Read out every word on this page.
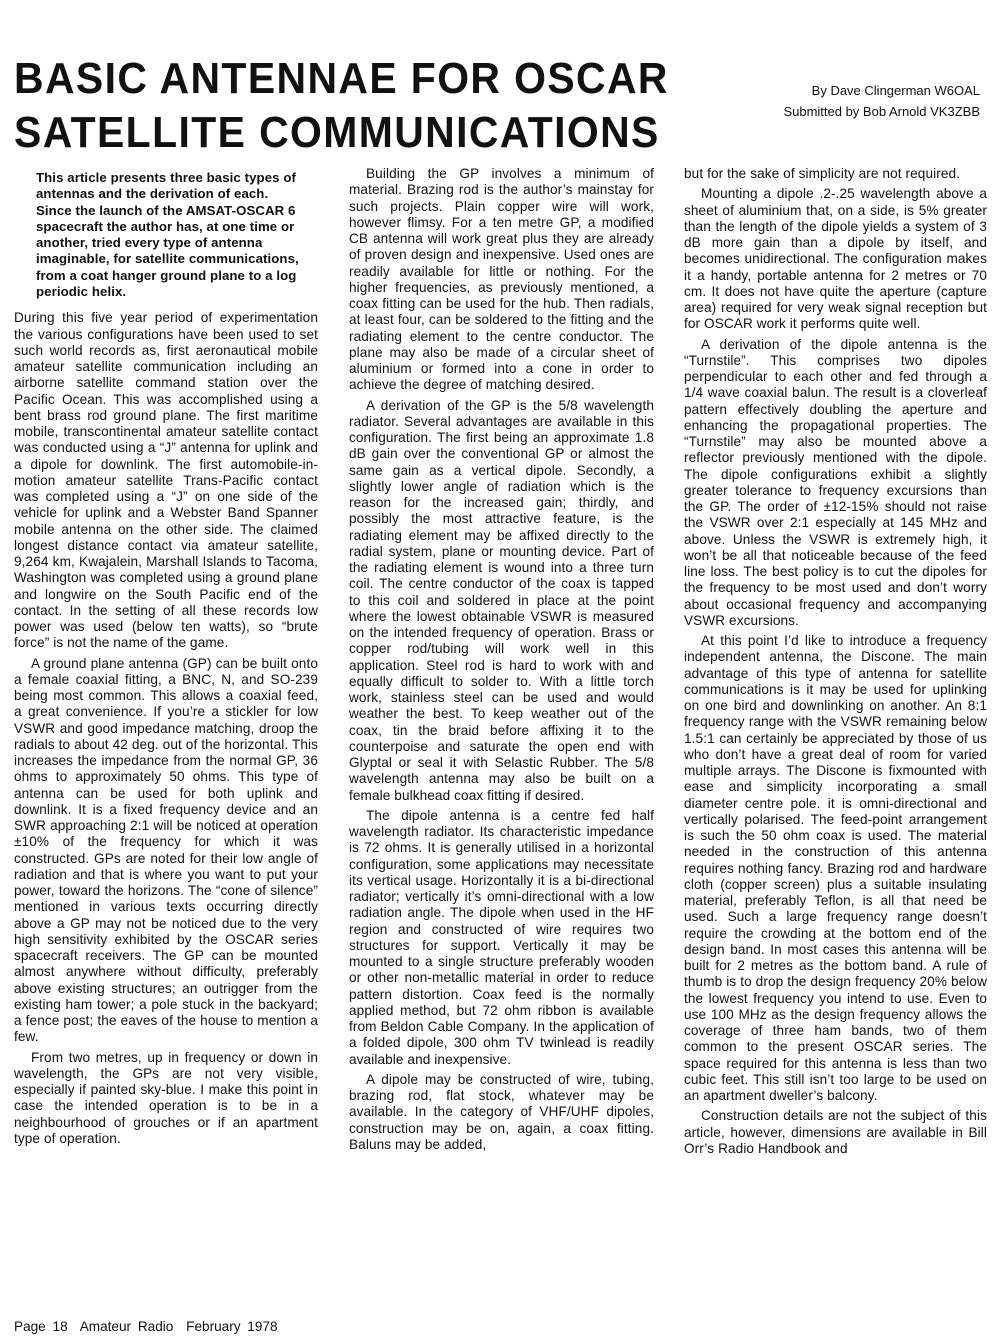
BASIC ANTENNAE FOR OSCAR
SATELLITE COMMUNICATIONS
By Dave Clingerman W6OAL
Submitted by Bob Arnold VK3ZBB

This article presents three basic types of antennas and the derivation of each. Since the launch of the AMSAT-OSCAR 6 spacecraft the author has, at one time or another, tried every type of antenna imaginable, for satellite communications, from a coat hanger ground plane to a log periodic helix.

During this five year period of experimentation the various configurations have been used to set such world records as, first aeronautical mobile amateur satellite communication including an airborne satellite command station over the Pacific Ocean. This was accomplished using a bent brass rod ground plane. The first maritime mobile, transcontinental amateur satellite contact was conducted using a “J” antenna for uplink and a dipole for downlink. The first automobile-in-motion amateur satellite Trans-Pacific contact was completed using a “J” on one side of the vehicle for uplink and a Webster Band Spanner mobile antenna on the other side. The claimed longest distance contact via amateur satellite, 9,264 km, Kwajalein, Marshall Islands to Tacoma, Washington was completed using a ground plane and longwire on the South Pacific end of the contact. In the setting of all these records low power was used (below ten watts), so “brute force” is not the name of the game.

A ground plane antenna (GP) can be built onto a female coaxial fitting, a BNC, N, and SO-239 being most common. This allows a coaxial feed, a great convenience. If you’re a stickler for low VSWR and good impedance matching, droop the radials to about 42 deg. out of the horizontal. This increases the impedance from the normal GP, 36 ohms to approximately 50 ohms. This type of antenna can be used for both uplink and downlink. It is a fixed frequency device and an SWR approaching 2:1 will be noticed at operation ±10% of the frequency for which it was constructed. GPs are noted for their low angle of radiation and that is where you want to put your power, toward the horizons. The “cone of silence” mentioned in various texts occurring directly above a GP may not be noticed due to the very high sensitivity exhibited by the OSCAR series spacecraft receivers. The GP can be mounted almost anywhere without difficulty, preferably above existing structures; an outrigger from the existing ham tower; a pole stuck in the backyard; a fence post; the eaves of the house to mention a few.

From two metres, up in frequency or down in wavelength, the GPs are not very visible, especially if painted sky-blue. I make this point in case the intended operation is to be in a neighbourhood of grouches or if an apartment type of operation.

Building the GP involves a minimum of material. Brazing rod is the author’s mainstay for such projects. Plain copper wire will work, however flimsy. For a ten metre GP, a modified CB antenna will work great plus they are already of proven design and inexpensive. Used ones are readily available for little or nothing. For the higher frequencies, as previously mentioned, a coax fitting can be used for the hub. Then radials, at least four, can be soldered to the fitting and the radiating element to the centre conductor. The plane may also be made of a circular sheet of aluminium or formed into a cone in order to achieve the degree of matching desired.

A derivation of the GP is the 5/8 wavelength radiator. Several advantages are available in this configuration. The first being an approximate 1.8 dB gain over the conventional GP or almost the same gain as a vertical dipole. Secondly, a slightly lower angle of radiation which is the reason for the increased gain; thirdly, and possibly the most attractive feature, is the radiating element may be affixed directly to the radial system, plane or mounting device. Part of the radiating element is wound into a three turn coil. The centre conductor of the coax is tapped to this coil and soldered in place at the point where the lowest obtainable VSWR is measured on the intended frequency of operation. Brass or copper rod/tubing will work well in this application. Steel rod is hard to work with and equally difficult to solder to. With a little torch work, stainless steel can be used and would weather the best. To keep weather out of the coax, tin the braid before affixing it to the counterpoise and saturate the open end with Glyptal or seal it with Selastic Rubber. The 5/8 wavelength antenna may also be built on a female bulkhead coax fitting if desired.

The dipole antenna is a centre fed half wavelength radiator. Its characteristic impedance is 72 ohms. It is generally utilised in a horizontal configuration, some applications may necessitate its vertical usage. Horizontally it is a bi-directional radiator; vertically it’s omni-directional with a low radiation angle. The dipole when used in the HF region and constructed of wire requires two structures for support. Vertically it may be mounted to a single structure preferably wooden or other non-metallic material in order to reduce pattern distortion. Coax feed is the normally applied method, but 72 ohm ribbon is available from Beldon Cable Company. In the application of a folded dipole, 300 ohm TV twinlead is readily available and inexpensive.

A dipole may be constructed of wire, tubing, brazing rod, flat stock, whatever may be available. In the category of VHF/UHF dipoles, construction may be on, again, a coax fitting. Baluns may be added,

but for the sake of simplicity are not required.

Mounting a dipole .2-.25 wavelength above a sheet of aluminium that, on a side, is 5% greater than the length of the dipole yields a system of 3 dB more gain than a dipole by itself, and becomes unidirectional. The configuration makes it a handy, portable antenna for 2 metres or 70 cm. It does not have quite the aperture (capture area) required for very weak signal reception but for OSCAR work it performs quite well.

A derivation of the dipole antenna is the “Turnstile”. This comprises two dipoles perpendicular to each other and fed through a 1/4 wave coaxial balun. The result is a cloverleaf pattern effectively doubling the aperture and enhancing the propagational properties. The “Turnstile” may also be mounted above a reflector previously mentioned with the dipole. The dipole configurations exhibit a slightly greater tolerance to frequency excursions than the GP. The order of ±12-15% should not raise the VSWR over 2:1 especially at 145 MHz and above. Unless the VSWR is extremely high, it won’t be all that noticeable because of the feed line loss. The best policy is to cut the dipoles for the frequency to be most used and don’t worry about occasional frequency and accompanying VSWR excursions.

At this point I’d like to introduce a frequency independent antenna, the Discone. The main advantage of this type of antenna for satellite communications is it may be used for uplinking on one bird and downlinking on another. An 8:1 frequency range with the VSWR remaining below 1.5:1 can certainly be appreciated by those of us who don’t have a great deal of room for varied multiple arrays. The Discone is fixmounted with ease and simplicity incorporating a small diameter centre pole. it is omni-directional and vertically polarised. The feed-point arrangement is such the 50 ohm coax is used. The material needed in the construction of this antenna requires nothing fancy. Brazing rod and hardware cloth (copper screen) plus a suitable insulating material, preferably Teflon, is all that need be used. Such a large frequency range doesn’t require the crowding at the bottom end of the design band. In most cases this antenna will be built for 2 metres as the bottom band. A rule of thumb is to drop the design frequency 20% below the lowest frequency you intend to use. Even to use 100 MHz as the design frequency allows the coverage of three ham bands, two of them common to the present OSCAR series. The space required for this antenna is less than two cubic feet. This still isn’t too large to be used on an apartment dweller’s balcony.

Construction details are not the subject of this article, however, dimensions are available in Bill Orr’s Radio Handbook and

Page 18 Amateur Radio February 1978
